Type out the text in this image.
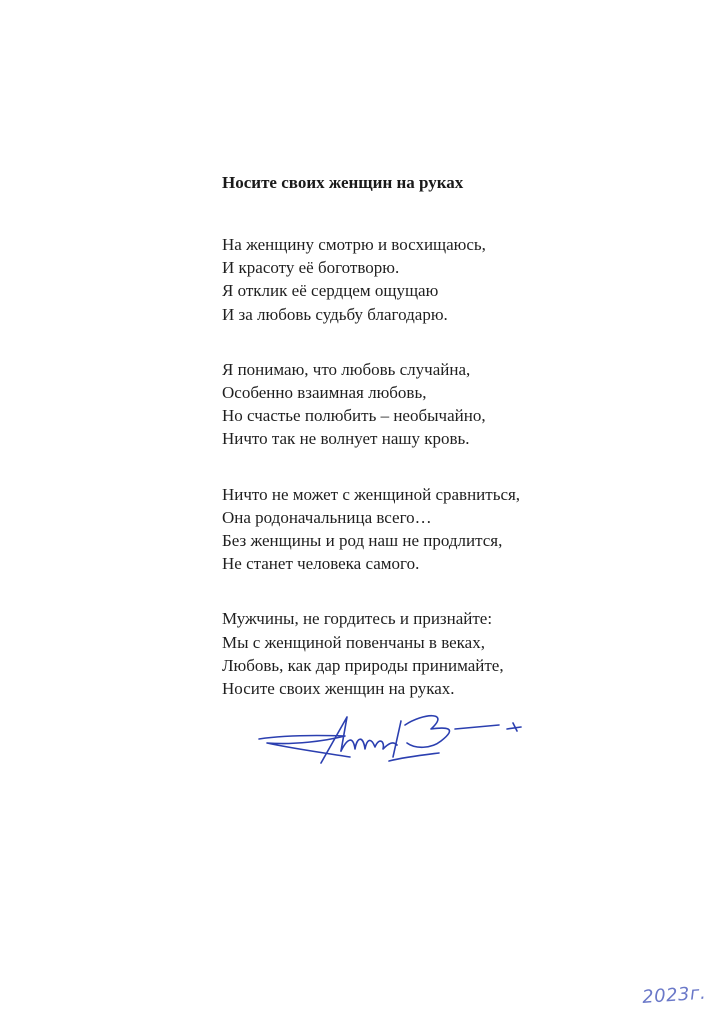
Носите своих женщин на руках
На женщину смотрю и восхищаюсь,
И красоту её боготворю.
Я отклик её сердцем ощущаю
И за любовь судьбу благодарю.
Я понимаю, что любовь случайна,
Особенно взаимная любовь,
Но счастье полюбить – необычайно,
Ничто так не волнует нашу кровь.
Ничто не может с женщиной сравниться,
Она родоначальница всего…
Без женщины и род наш не продлится,
Не станет человека самого.
Мужчины, не гордитесь и признайте:
Мы с женщиной повенчаны в веках,
Любовь, как дар природы принимайте,
Носите своих женщин на руках.
2023г.
